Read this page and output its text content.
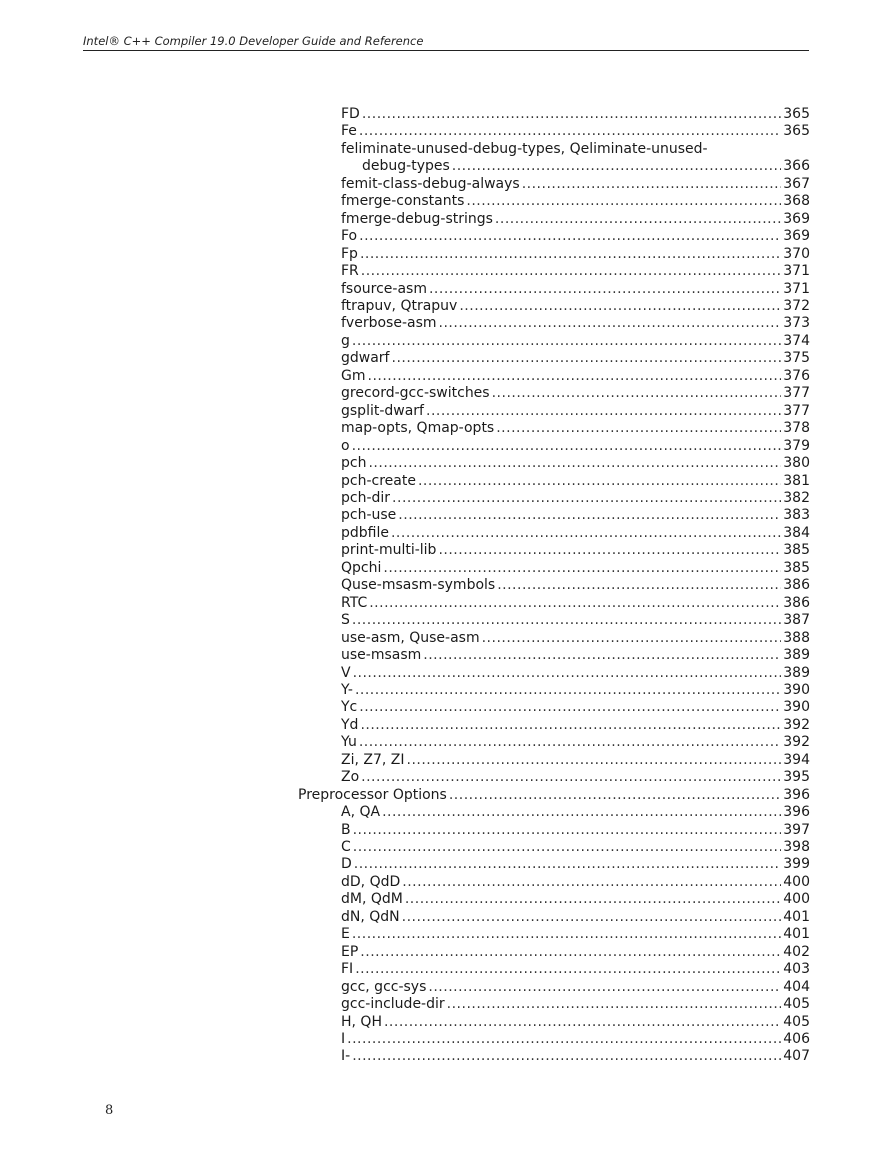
Intel® C++ Compiler 19.0 Developer Guide and Reference
FD .....	365
Fe .....	365
feliminate-unused-debug-types, Qeliminate-unused-
debug-types .....	366
femit-class-debug-always .....	367
fmerge-constants .....	368
fmerge-debug-strings .....	369
Fo .....	369
Fp .....	370
FR .....	371
fsource-asm .....	371
ftrapuv, Qtrapuv .....	372
fverbose-asm .....	373
g .....	374
gdwarf .....	375
Gm .....	376
grecord-gcc-switches .....	377
gsplit-dwarf .....	377
map-opts, Qmap-opts .....	378
o .....	379
pch .....	380
pch-create .....	381
pch-dir .....	382
pch-use .....	383
pdbfile .....	384
print-multi-lib .....	385
Qpchi .....	385
Quse-msasm-symbols .....	386
RTC .....	386
S .....	387
use-asm, Quse-asm .....	388
use-msasm .....	389
V .....	389
Y- .....	390
Yc .....	390
Yd .....	392
Yu .....	392
Zi, Z7, ZI .....	394
Zo .....	395
Preprocessor Options .....	396
A, QA .....	396
B .....	397
C .....	398
D .....	399
dD, QdD .....	400
dM, QdM .....	400
dN, QdN .....	401
E .....	401
EP .....	402
FI .....	403
gcc, gcc-sys .....	404
gcc-include-dir .....	405
H, QH .....	405
I .....	406
I- .....	407
8
